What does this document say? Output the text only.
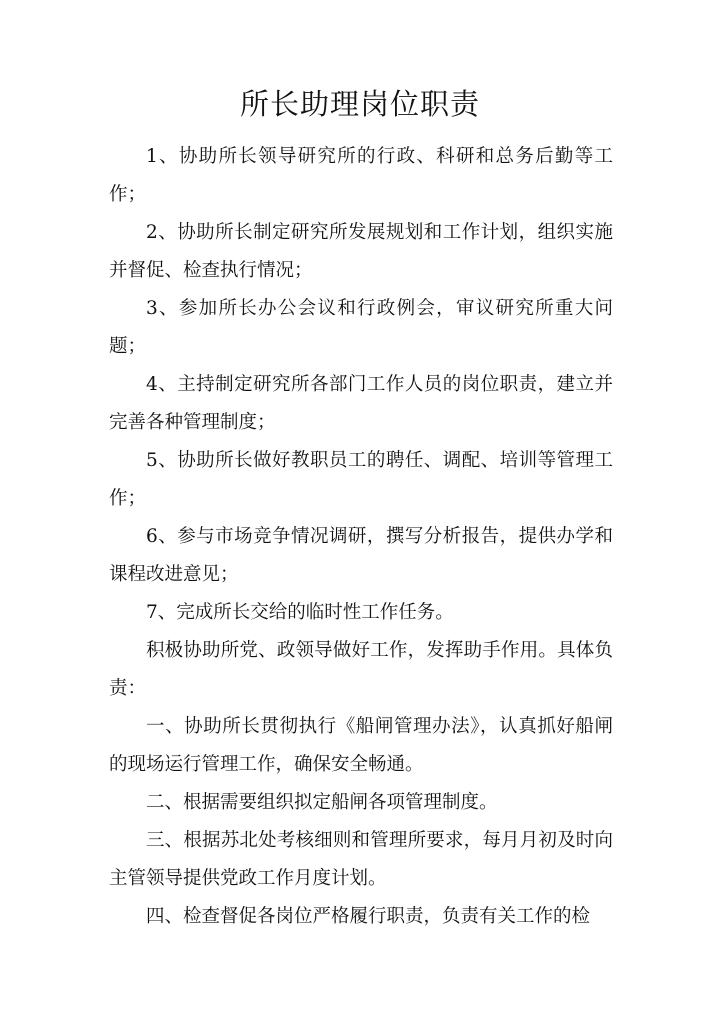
所长助理岗位职责

1、协助所长领导研究所的行政、科研和总务后勤等工作；

2、协助所长制定研究所发展规划和工作计划，组织实施并督促、检查执行情况；

3、参加所长办公会议和行政例会，审议研究所重大问题；

4、主持制定研究所各部门工作人员的岗位职责，建立并完善各种管理制度；

5、协助所长做好教职员工的聘任、调配、培训等管理工作；

6、参与市场竞争情况调研，撰写分析报告，提供办学和课程改进意见；

7、完成所长交给的临时性工作任务。

积极协助所党、政领导做好工作，发挥助手作用。具体负责：

一、协助所长贯彻执行《船闸管理办法》，认真抓好船闸的现场运行管理工作，确保安全畅通。

二、根据需要组织拟定船闸各项管理制度。

三、根据苏北处考核细则和管理所要求，每月月初及时向主管领导提供党政工作月度计划。

四、检查督促各岗位严格履行职责，负责有关工作的检
